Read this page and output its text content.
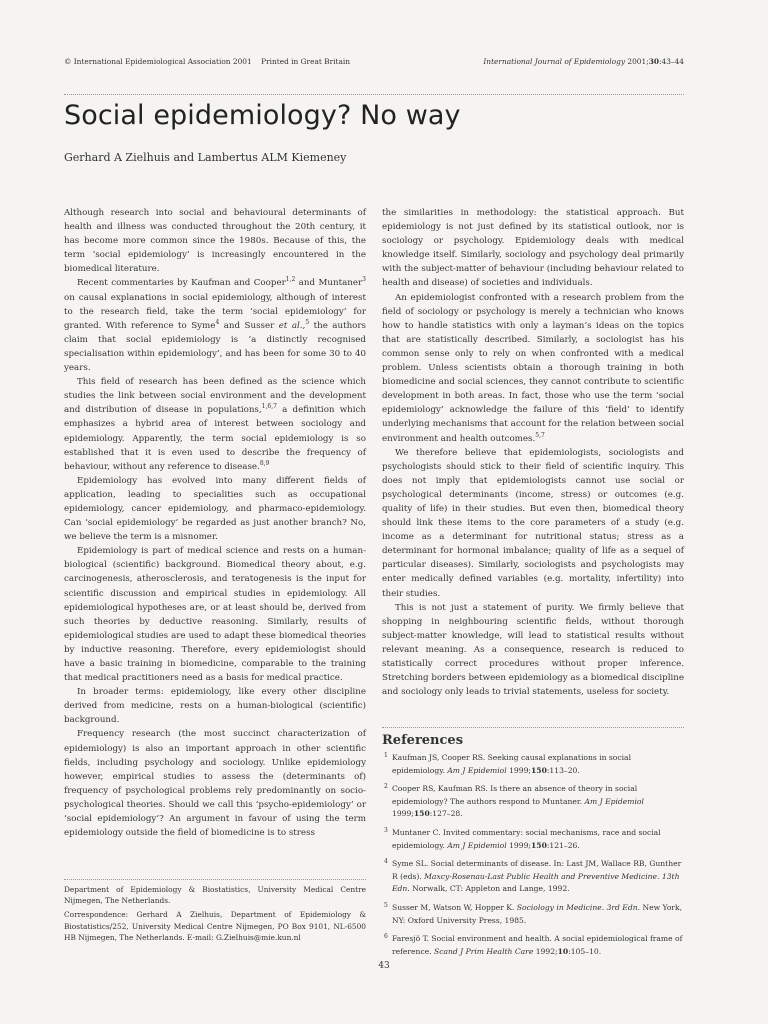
© International Epidemiological Association 2001 Printed in Great Britain	International Journal of Epidemiology 2001;30:43–44
Social epidemiology? No way
Gerhard A Zielhuis and Lambertus ALM Kiemeney

Although research into social and behavioural determinants of health and illness was conducted throughout the 20th century, it has become more common since the 1980s. Because of this, the term ‘social epidemiology’ is increasingly encountered in the biomedical literature.

Recent commentaries by Kaufman and Cooper$^{1,2}$ and Muntaner$^3$ on causal explanations in social epidemiology, although of interest to the research field, take the term ‘social epidemiology’ for granted. With reference to Syme$^4$ and Susser et al.,$^5$ the authors claim that social epidemiology is ‘a distinctly recognised specialisation within epidemiology’, and has been for some 30 to 40 years.

This field of research has been defined as the science which studies the link between social environment and the development and distribution of disease in populations,$^{1,6,7}$ a definition which emphasizes a hybrid area of interest between sociology and epidemiology. Apparently, the term social epidemiology is so established that it is even used to describe the frequency of behaviour, without any reference to disease.$^{8,9}$

Epidemiology has evolved into many different fields of application, leading to specialities such as occupational epidemiology, cancer epidemiology, and pharmaco-epidemiology. Can ‘social epidemiology’ be regarded as just another branch? No, we believe the term is a misnomer.

Epidemiology is part of medical science and rests on a human-biological (scientific) background. Biomedical theory about, e.g. carcinogenesis, atherosclerosis, and teratogenesis is the input for scientific discussion and empirical studies in epidemiology. All epidemiological hypotheses are, or at least should be, derived from such theories by deductive reasoning. Similarly, results of epidemiological studies are used to adapt these biomedical theories by inductive reasoning. Therefore, every epidemiologist should have a basic training in biomedicine, comparable to the training that medical practitioners need as a basis for medical practice.

In broader terms: epidemiology, like every other discipline derived from medicine, rests on a human-biological (scientific) background.

Frequency research (the most succinct characterization of epidemiology) is also an important approach in other scientific fields, including psychology and sociology. Unlike epidemiology however, empirical studies to assess the (determinants of) frequency of psychological problems rely predominantly on socio-psychological theories. Should we call this ‘psycho-epidemiology’ or ‘social epidemiology’? An argument in favour of using the term epidemiology outside the field of biomedicine is to stress

the similarities in methodology: the statistical approach. But epidemiology is not just defined by its statistical outlook, nor is sociology or psychology. Epidemiology deals with medical knowledge itself. Similarly, sociology and psychology deal primarily with the subject-matter of behaviour (including behaviour related to health and disease) of societies and individuals.

An epidemiologist confronted with a research problem from the field of sociology or psychology is merely a technician who knows how to handle statistics with only a layman’s ideas on the topics that are statistically described. Similarly, a sociologist has his common sense only to rely on when confronted with a medical problem. Unless scientists obtain a thorough training in both biomedicine and social sciences, they cannot contribute to scientific development in both areas. In fact, those who use the term ‘social epidemiology’ acknowledge the failure of this ‘field’ to identify underlying mechanisms that account for the relation between social environment and health outcomes.$^{5,7}$

We therefore believe that epidemiologists, sociologists and psychologists should stick to their field of scientific inquiry. This does not imply that epidemiologists cannot use social or psychological determinants (income, stress) or outcomes (e.g. quality of life) in their studies. But even then, biomedical theory should link these items to the core parameters of a study (e.g. income as a determinant for nutritional status; stress as a determinant for hormonal imbalance; quality of life as a sequel of particular diseases). Similarly, sociologists and psychologists may enter medically defined variables (e.g. mortality, infertility) into their studies.

This is not just a statement of purity. We firmly believe that shopping in neighbouring scientific fields, without thorough subject-matter knowledge, will lead to statistical results without relevant meaning. As a consequence, research is reduced to statistically correct procedures without proper inference. Stretching borders between epidemiology as a biomedical discipline and sociology only leads to trivial statements, useless for society.

References
1 Kaufman JS, Cooper RS. Seeking causal explanations in social epidemiology. Am J Epidemiol 1999;150:113–20.
2 Cooper RS, Kaufman RS. Is there an absence of theory in social epidemiology? The authors respond to Muntaner. Am J Epidemiol 1999;150:127–28.
3 Muntaner C. Invited commentary: social mechanisms, race and social epidemiology. Am J Epidemiol 1999;150:121–26.
4 Syme SL. Social determinants of disease. In: Last JM, Wallace RB, Gunther R (eds). Maxcy-Rosenau-Last Public Health and Preventive Medicine. 13th Edn. Norwalk, CT: Appleton and Lange, 1992.
5 Susser M, Watson W, Hopper K. Sociology in Medicine. 3rd Edn. New York, NY: Oxford University Press, 1985.
6 Faresjö T. Social environment and health. A social epidemiological frame of reference. Scand J Prim Health Care 1992;10:105–10.

Department of Epidemiology & Biostatistics, University Medical Centre Nijmegen, The Netherlands.

Correspondence: Gerhard A Zielhuis, Department of Epidemiology & Biostatistics/252, University Medical Centre Nijmegen, PO Box 9101, NL-6500 HB Nijmegen, The Netherlands. E-mail: G.Zielhuis@mie.kun.nl

43
